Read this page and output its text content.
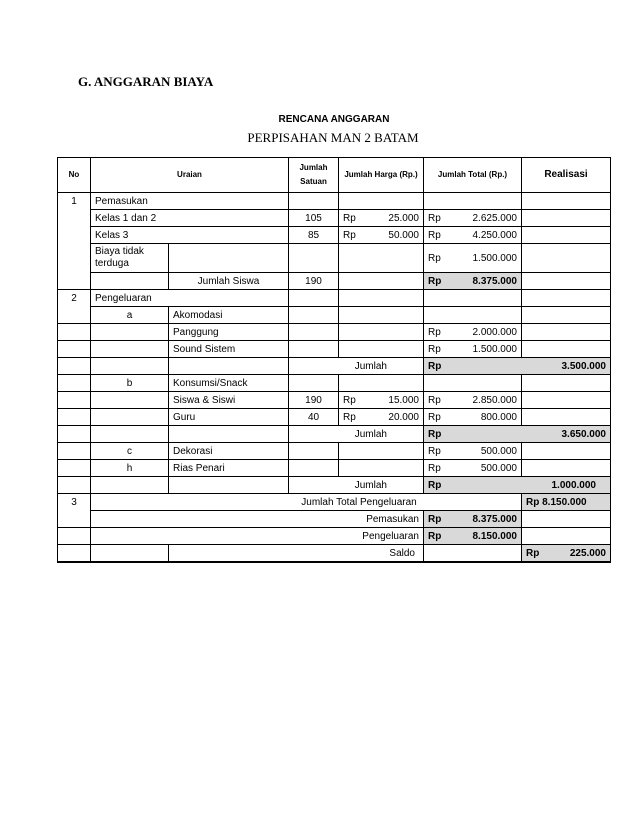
G. ANGGARAN BIAYA
RENCANA ANGGARAN
PERPISAHAN MAN 2 BATAM
No	Uraian		Jumlah Satuan	Jumlah Harga (Rp.)	Jumlah Total (Rp.)	Realisasi
1	Pemasukan					
	Kelas 1 dan 2		105	Rp 25.000	Rp 2.625.000	

	Kelas 3		85	Rp 50.000	Rp 4.250.000	

	Biaya tidak terduga				Rp 1.500.000	

		Jumlah Siswa	190		Rp 8.375.000	

2	Pengeluaran					
	a	Akomodasi				
		Panggung			Rp 2.000.000	

		Sound Sistem			Rp 1.500.000	

			Jumlah		Rp	3.500.000
	b	Konsumsi/Snack				
		Siswa & Siswi	190	Rp 15.000	Rp 2.850.000	

		Guru	40	Rp 20.000	Rp 800.000	

			Jumlah		Rp	3.650.000
	c	Dekorasi			Rp 500.000	

	h	Rias Penari			Rp 500.000	

			Jumlah		Rp	1.000.000
3	Jumlah Total Pengeluaran					Rp 8.150.000
	Pemasukan				Rp 8.375.000	

	Pengeluaran				Rp 8.150.000	

		Saldo				Rp 225.000
